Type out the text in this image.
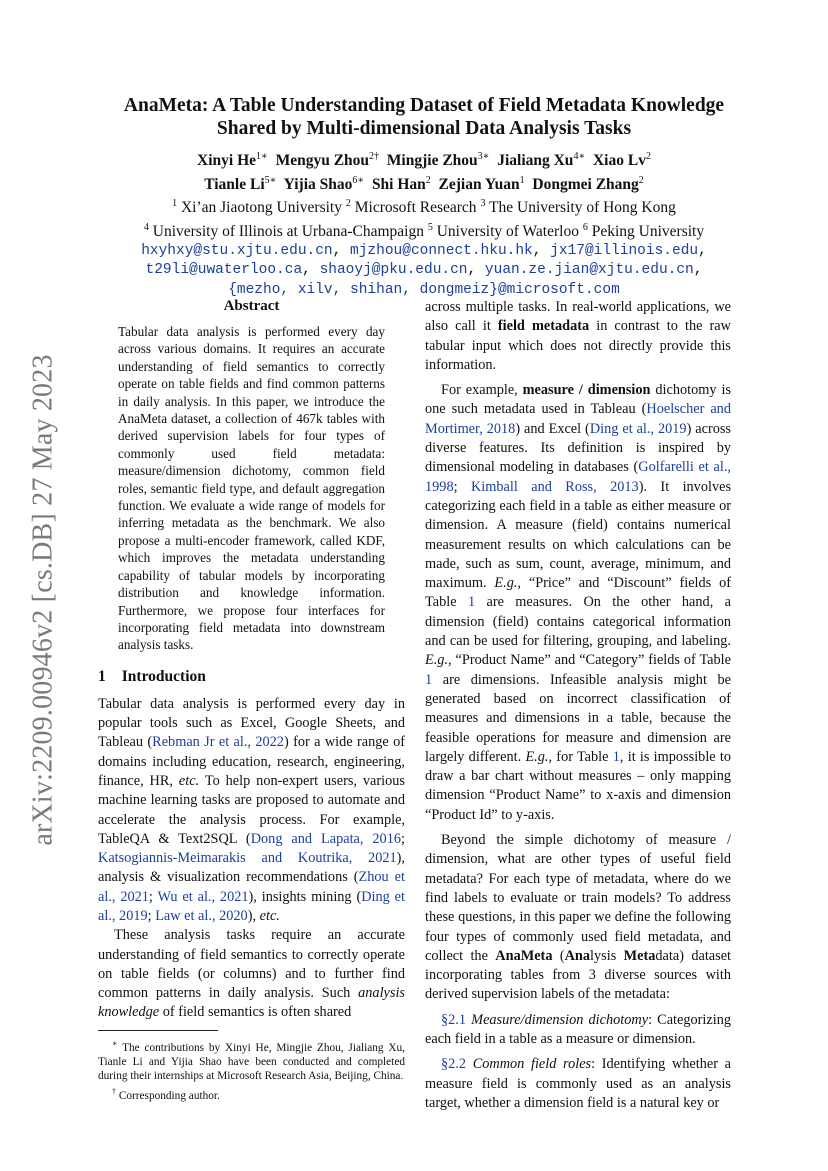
arXiv:2209.00946v2 [cs.DB] 27 May 2023
AnaMeta: A Table Understanding Dataset of Field Metadata Knowledge
Shared by Multi-dimensional Data Analysis Tasks
Xinyi $He^{1∗}$ Mengyu Zhou$^{2\dagger}$ Mingjie Zhou$^{3∗}$ Jialiang $Xu^{4∗}$ Xiao Lv$^2$
Tianle $Li^{5∗}$ Yijia Shao$^{6∗}$ Shi Han$^2$ Zejian Yuan$^1$ Dongmei Zhang$^2$
$^1$ Xi’an Jiaotong University $^2$ Microsoft Research $^3$ The University of Hong Kong
$^4$ University of Illinois at Urbana-Champaign $^5$ University of Waterloo $^6$ Peking University
hxyhxy@stu.xjtu.edu.cn, mjzhou@connect.hku.hk, jx17@illinois.edu,
t29li@uwaterloo.ca, shaoyj@pku.edu.cn, yuan.ze.jian@xjtu.edu.cn,
{mezho, xilv, shihan, dongmeiz}@microsoft.com
Abstract
Tabular data analysis is performed every day across various domains. It requires an accurate understanding of field semantics to correctly operate on table fields and find common patterns in daily analysis. In this paper, we introduce the AnaMeta dataset, a collection of 467k tables with derived supervision labels for four types of commonly used field metadata: measure/dimension dichotomy, common field roles, semantic field type, and default aggregation function. We evaluate a wide range of models for inferring metadata as the benchmark. We also propose a multi-encoder framework, called KDF, which improves the metadata understanding capability of tabular models by incorporating distribution and knowledge information. Furthermore, we propose four interfaces for incorporating field metadata into downstream analysis tasks.
1 Introduction

Tabular data analysis is performed every day in popular tools such as Excel, Google Sheets, and Tableau (Rebman Jr et al., 2022) for a wide range of domains including education, research, engineering, finance, HR, etc. To help non-expert users, various machine learning tasks are proposed to automate and accelerate the analysis process. For example, TableQA & Text2SQL (Dong and Lapata, 2016; Katsogiannis-Meimarakis and Koutrika, 2021), analysis & visualization recommendations (Zhou et al., 2021; Wu et al., 2021), insights mining (Ding et al., 2019; Law et al., 2020), etc.

These analysis tasks require an accurate understanding of field semantics to correctly operate on table fields (or columns) and to further find common patterns in daily analysis. Such analysis knowledge of field semantics is often shared

∗ The contributions by Xinyi He, Mingjie Zhou, Jialiang Xu, Tianle Li and Yijia Shao have been conducted and completed during their internships at Microsoft Research Asia, Beijing, China.

† Corresponding author.

across multiple tasks. In real-world applications, we also call it field metadata in contrast to the raw tabular input which does not directly provide this information.

For example, measure / dimension dichotomy is one such metadata used in Tableau (Hoelscher and Mortimer, 2018) and Excel (Ding et al., 2019) across diverse features. Its definition is inspired by dimensional modeling in databases (Golfarelli et al., 1998; Kimball and Ross, 2013). It involves categorizing each field in a table as either measure or dimension. A measure (field) contains numerical measurement results on which calculations can be made, such as sum, count, average, minimum, and maximum. E.g., “Price” and “Discount” fields of Table 1 are measures. On the other hand, a dimension (field) contains categorical information and can be used for filtering, grouping, and labeling. E.g., “Product Name” and “Category” fields of Table 1 are dimensions. Infeasible analysis might be generated based on incorrect classification of measures and dimensions in a table, because the feasible operations for measure and dimension are largely different. E.g., for Table 1, it is impossible to draw a bar chart without measures – only mapping dimension “Product Name” to x-axis and dimension “Product Id” to y-axis.

Beyond the simple dichotomy of measure / dimension, what are other types of useful field metadata? For each type of metadata, where do we find labels to evaluate or train models? To address these questions, in this paper we define the following four types of commonly used field metadata, and collect the AnaMeta (Analysis Metadata) dataset incorporating tables from 3 diverse sources with derived supervision labels of the metadata:

§2.1 Measure/dimension dichotomy: Categorizing each field in a table as a measure or dimension.

§2.2 Common field roles: Identifying whether a measure field is commonly used as an analysis target, whether a dimension field is a natural key or
